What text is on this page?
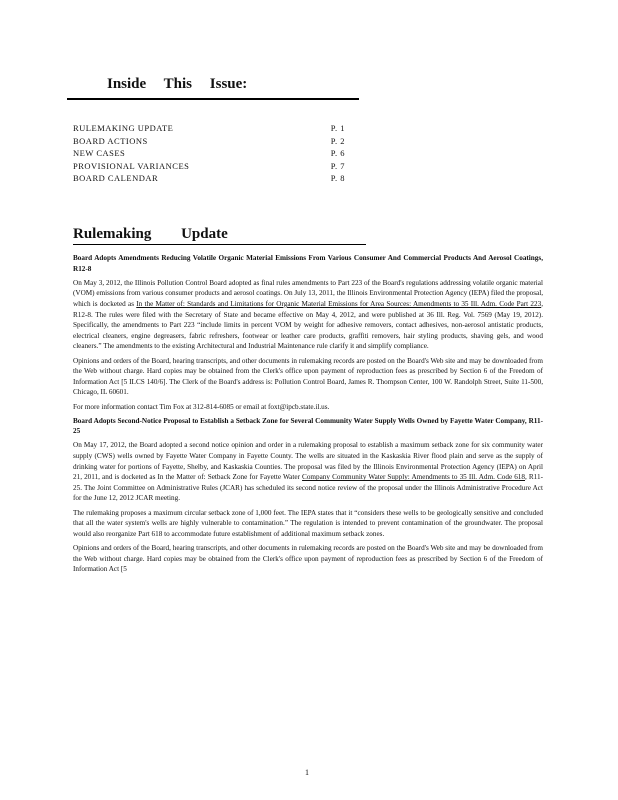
Inside This Issue:
RULEMAKING UPDATE	P. 1
BOARD ACTIONS	P. 2
NEW CASES	P. 6
PROVISIONAL VARIANCES	P. 7
BOARD CALENDAR	P. 8
Rulemaking Update

Board Adopts Amendments Reducing Volatile Organic Material Emissions From Various Consumer And Commercial Products And Aerosol Coatings, R12-8

On May 3, 2012, the Illinois Pollution Control Board adopted as final rules amendments to Part 223 of the Board's regulations addressing volatile organic material (VOM) emissions from various consumer products and aerosol coatings. On July 13, 2011, the Illinois Environmental Protection Agency (IEPA) filed the proposal, which is docketed as In the Matter of: Standards and Limitations for Organic Material Emissions for Area Sources: Amendments to 35 Ill. Adm. Code Part 223, R12-8. The rules were filed with the Secretary of State and became effective on May 4, 2012, and were published at 36 Ill. Reg. Vol. 7569 (May 19, 2012). Specifically, the amendments to Part 223 “include limits in percent VOM by weight for adhesive removers, contact adhesives, non-aerosol antistatic products, electrical cleaners, engine degreasers, fabric refreshers, footwear or leather care products, graffiti removers, hair styling products, shaving gels, and wood cleaners.” The amendments to the existing Architectural and Industrial Maintenance rule clarify it and simplify compliance.

Opinions and orders of the Board, hearing transcripts, and other documents in rulemaking records are posted on the Board's Web site and may be downloaded from the Web without charge. Hard copies may be obtained from the Clerk's office upon payment of reproduction fees as prescribed by Section 6 of the Freedom of Information Act [5 ILCS 140/6]. The Clerk of the Board's address is: Pollution Control Board, James R. Thompson Center, 100 W. Randolph Street, Suite 11-500, Chicago, IL 60601.

For more information contact Tim Fox at 312-814-6085 or email at foxt@ipcb.state.il.us.

Board Adopts Second-Notice Proposal to Establish a Setback Zone for Several Community Water Supply Wells Owned by Fayette Water Company, R11-25

On May 17, 2012, the Board adopted a second notice opinion and order in a rulemaking proposal to establish a maximum setback zone for six community water supply (CWS) wells owned by Fayette Water Company in Fayette County. The wells are situated in the Kaskaskia River flood plain and serve as the supply of drinking water for portions of Fayette, Shelby, and Kaskaskia Counties. The proposal was filed by the Illinois Environmental Protection Agency (IEPA) on April 21, 2011, and is docketed as In the Matter of: Setback Zone for Fayette Water Company Community Water Supply: Amendments to 35 Ill. Adm. Code 618, R11-25. The Joint Committee on Administrative Rules (JCAR) has scheduled its second notice review of the proposal under the Illinois Administrative Procedure Act for the June 12, 2012 JCAR meeting.

The rulemaking proposes a maximum circular setback zone of 1,000 feet. The IEPA states that it “considers these wells to be geologically sensitive and concluded that all the water system's wells are highly vulnerable to contamination.” The regulation is intended to prevent contamination of the groundwater. The proposal would also reorganize Part 618 to accommodate future establishment of additional maximum setback zones.

Opinions and orders of the Board, hearing transcripts, and other documents in rulemaking records are posted on the Board's Web site and may be downloaded from the Web without charge. Hard copies may be obtained from the Clerk's office upon payment of reproduction fees as prescribed by Section 6 of the Freedom of Information Act [5

1
